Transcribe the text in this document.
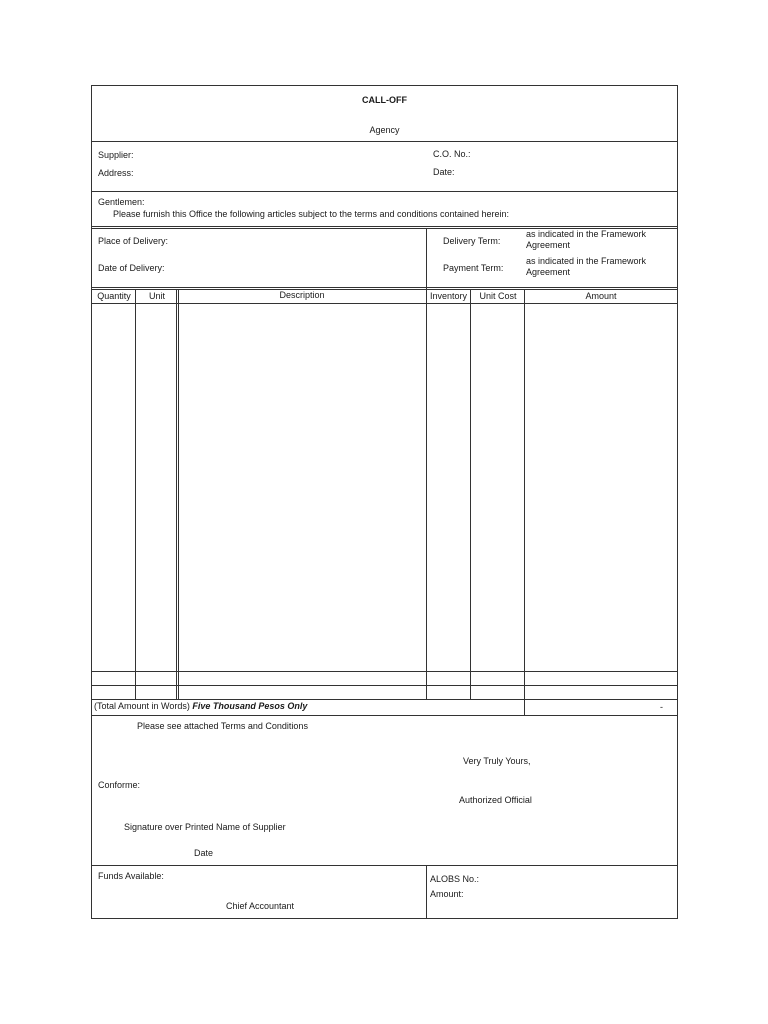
CALL-OFF
Agency
Supplier:
Address:
C.O. No.:
Date:
Gentlemen:
Please furnish this Office the following articles subject to the terms and conditions contained herein:
Place of Delivery:
Date of Delivery:
Delivery Term:
as indicated in the Framework Agreement
Payment Term:
as indicated in the Framework Agreement
Quantity	Unit	Description	Inventory	Unit Cost	Amount
(Total Amount in Words) Five Thousand Pesos Only	-
Please see attached Terms and Conditions
Very Truly Yours,
Conforme:
Authorized Official
Signature over Printed Name of Supplier
Date
Funds Available:
Chief Accountant
ALOBS No.:
Amount:
